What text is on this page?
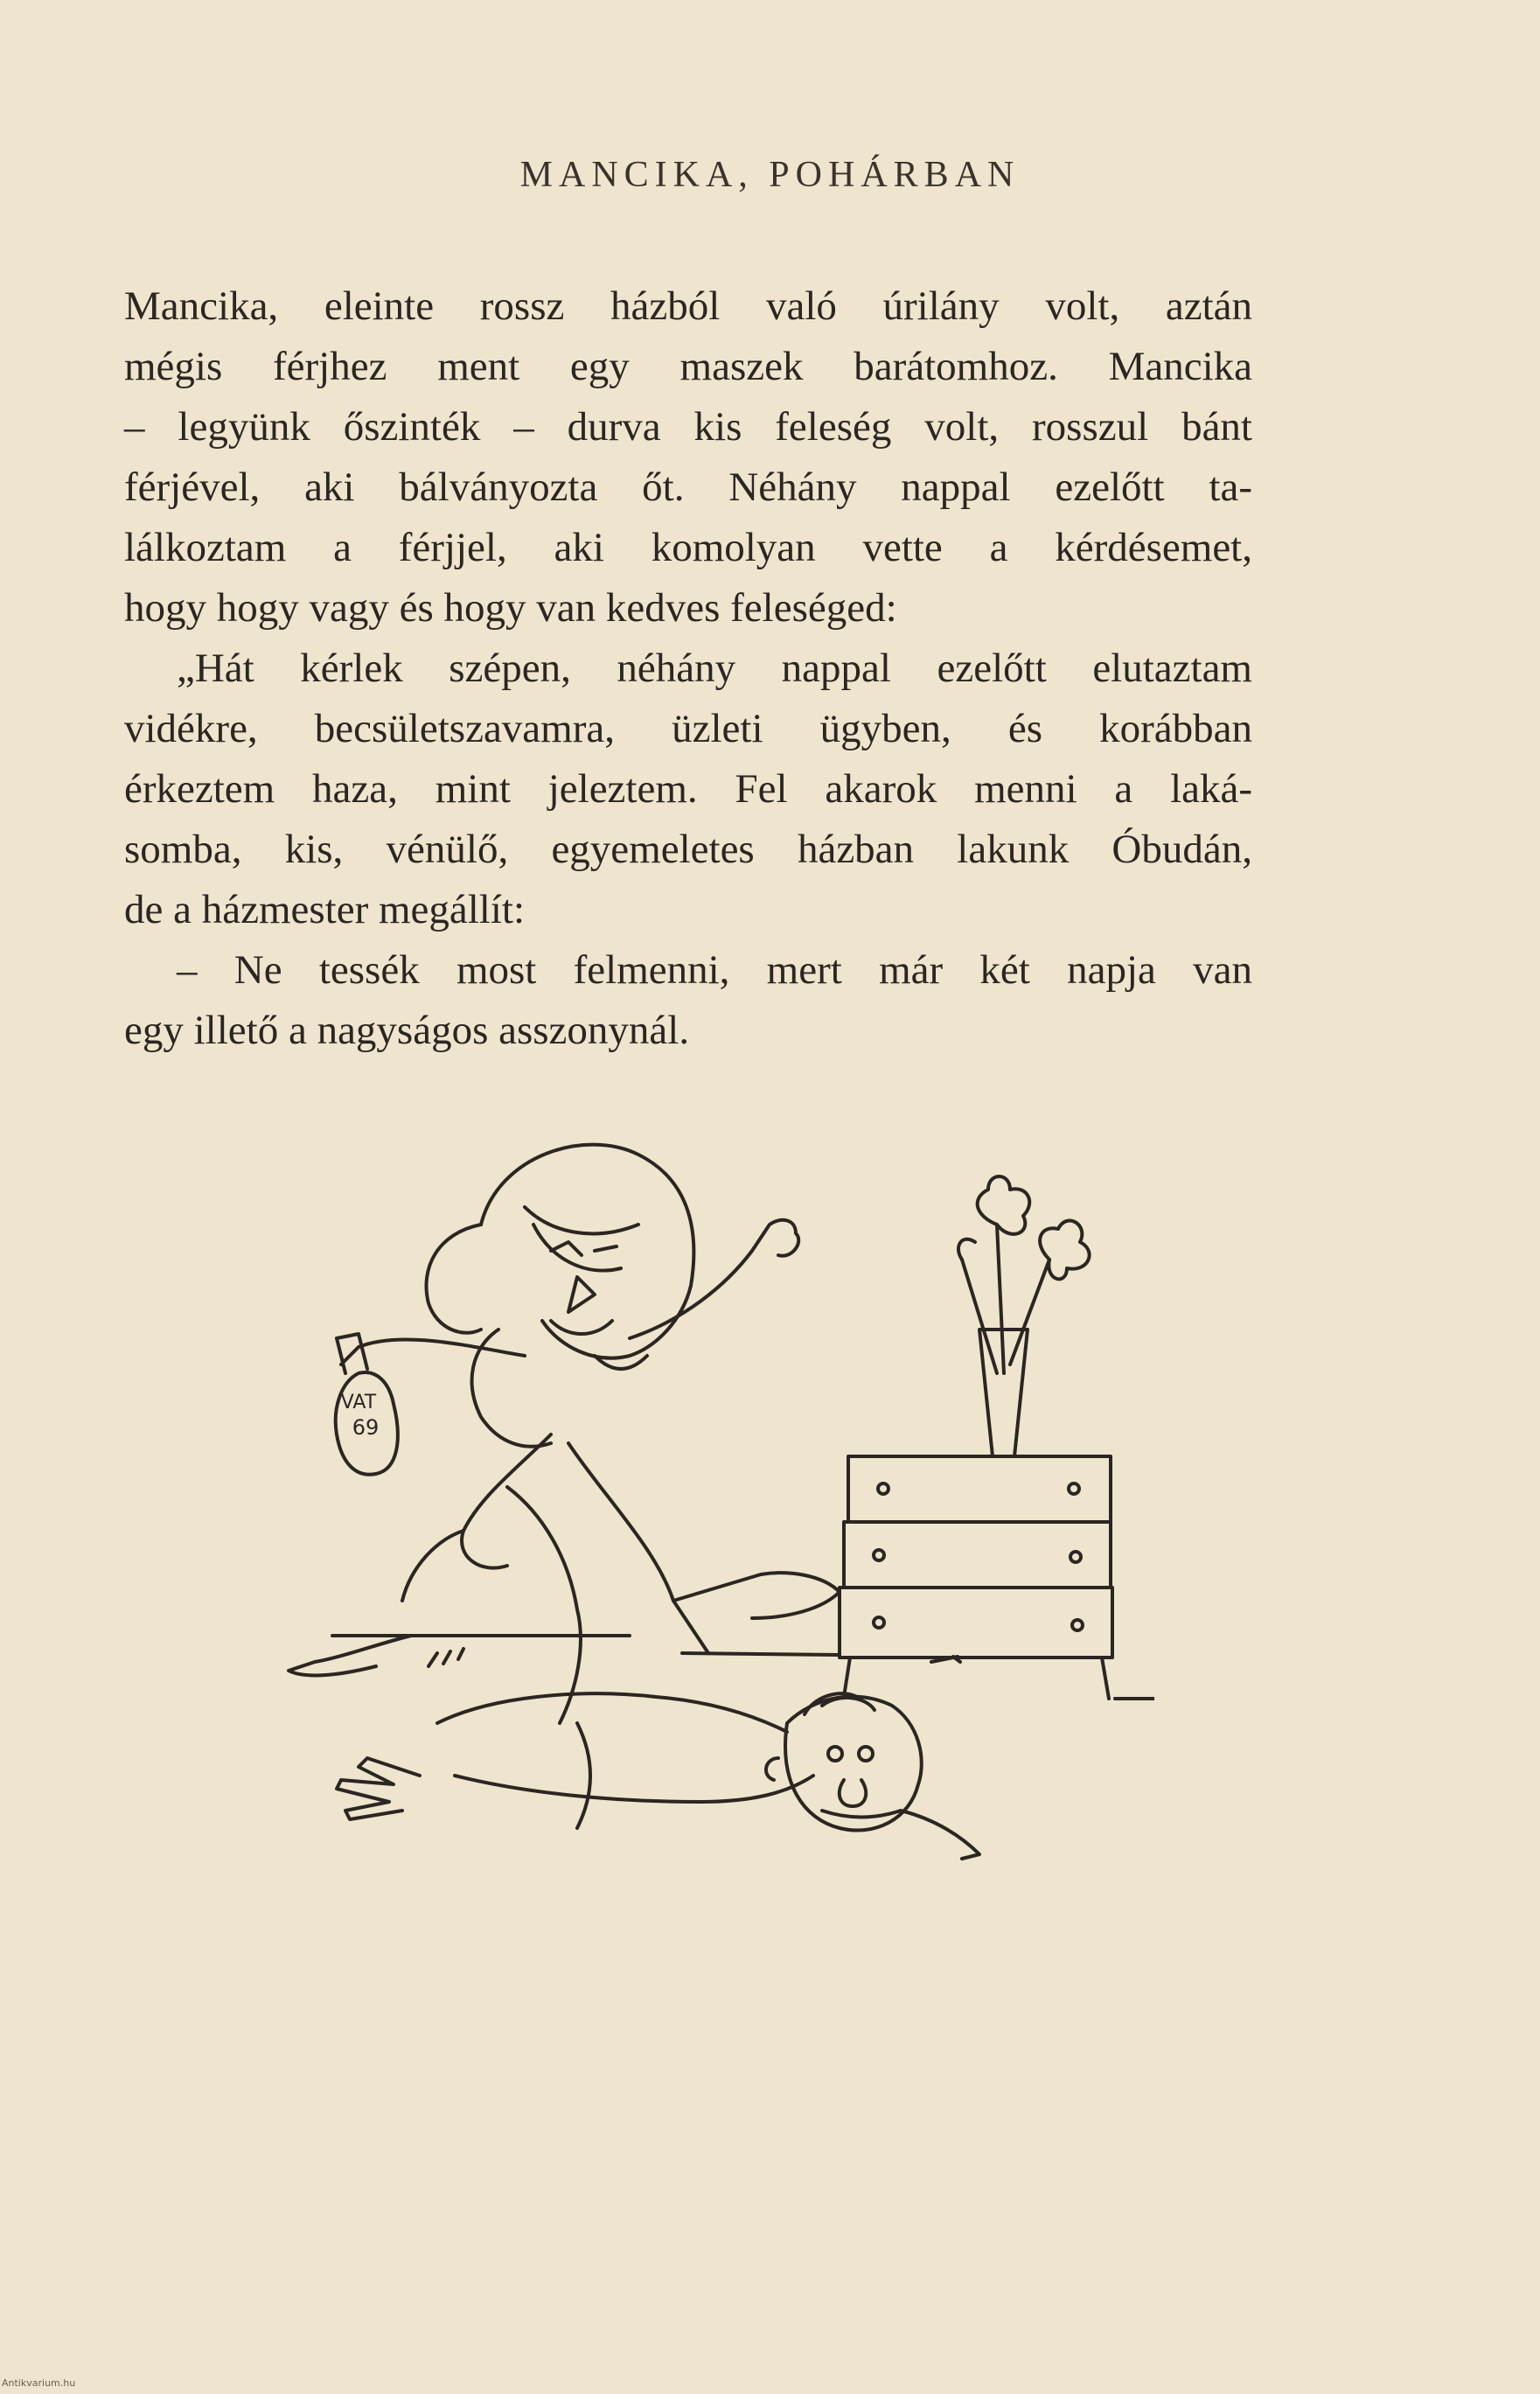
MANCIKA, POHÁRBAN
Mancika, eleinte rossz házból való úrilány volt, aztán
mégis férjhez ment egy maszek barátomhoz. Mancika
– legyünk őszinték – durva kis feleség volt, rosszul bánt
férjével, aki bálványozta őt. Néhány nappal ezelőtt ta-
lálkoztam a férjjel, aki komolyan vette a kérdésemet,
hogy hogy vagy és hogy van kedves feleséged:
„Hát kérlek szépen, néhány nappal ezelőtt elutaztam
vidékre, becsületszavamra, üzleti ügyben, és korábban
érkeztem haza, mint jeleztem. Fel akarok menni a laká-
somba, kis, vénülő, egyemeletes házban lakunk Óbudán,
de a házmester megállít:
– Ne tessék most felmenni, mert már két napja van
egy illető a nagyságos asszonynál.
VAT
69
Antikvarium.hu
